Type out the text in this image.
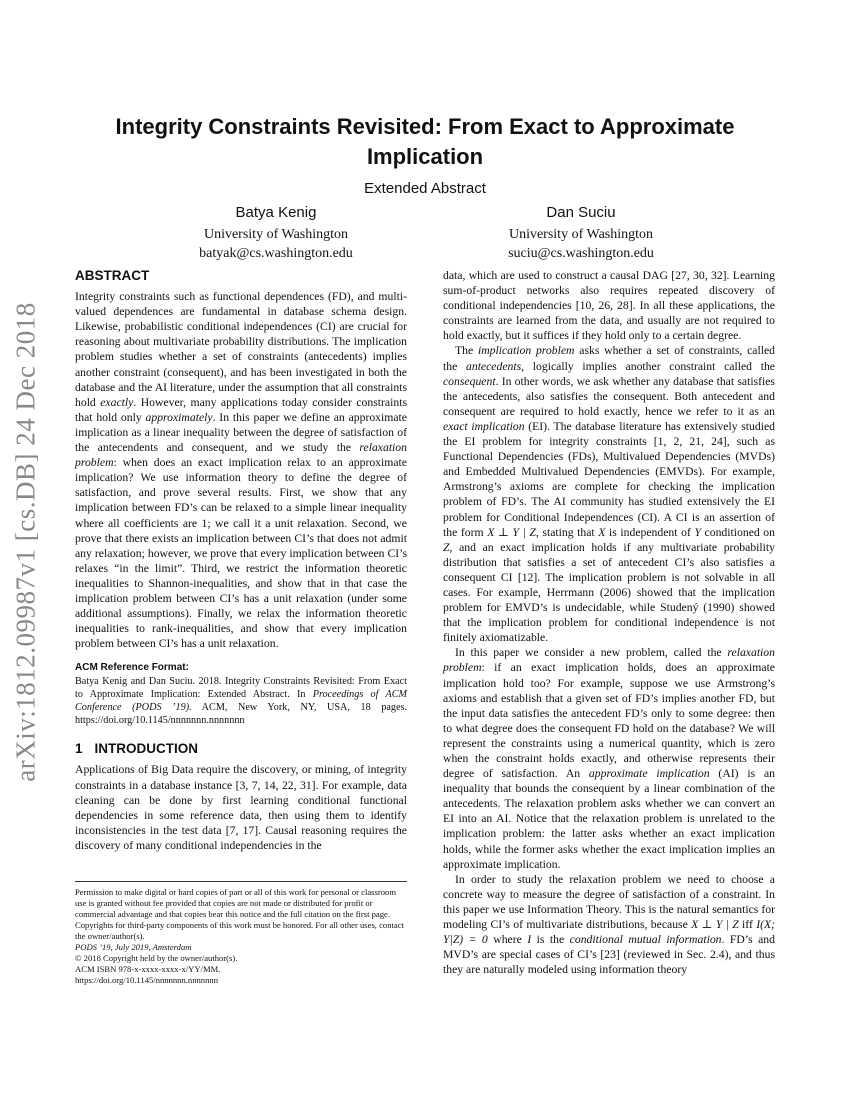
arXiv:1812.09987v1 [cs.DB] 24 Dec 2018
Integrity Constraints Revisited: From Exact to Approximate
Implication
Extended Abstract
Batya Kenig
University of Washington
batyak@cs.washington.edu
Dan Suciu
University of Washington
suciu@cs.washington.edu
ABSTRACT

Integrity constraints such as functional dependences (FD), and multi-valued dependences are fundamental in database schema design. Likewise, probabilistic conditional independences (CI) are crucial for reasoning about multivariate probability distributions. The implication problem studies whether a set of constraints (antecedents) implies another constraint (consequent), and has been investigated in both the database and the AI literature, under the assumption that all constraints hold exactly. However, many applications today consider constraints that hold only approximately. In this paper we define an approximate implication as a linear inequality between the degree of satisfaction of the antecendents and consequent, and we study the relaxation problem: when does an exact implication relax to an approximate implication? We use information theory to define the degree of satisfaction, and prove several results. First, we show that any implication between FD’s can be relaxed to a simple linear inequality where all coefficients are 1; we call it a unit relaxation. Second, we prove that there exists an implication between CI’s that does not admit any relaxation; however, we prove that every implication between CI’s relaxes “in the limit”. Third, we restrict the information theoretic inequalities to Shannon-inequalities, and show that in that case the implication problem between CI’s has a unit relaxation (under some additional assumptions). Finally, we relax the information theoretic inequalities to rank-inequalities, and show that every implication problem between CI’s has a unit relaxation.

ACM Reference Format:
Batya Kenig and Dan Suciu. 2018. Integrity Constraints Revisited: From Exact to Approximate Implication: Extended Abstract. In Proceedings of ACM Conference (PODS ’19). ACM, New York, NY, USA, 18 pages. https://doi.org/10.1145/nnnnnnn.nnnnnnn
1 INTRODUCTION

Applications of Big Data require the discovery, or mining, of integrity constraints in a database instance [3, 7, 14, 22, 31]. For example, data cleaning can be done by first learning conditional functional dependencies in some reference data, then using them to identify inconsistencies in the test data [7, 17]. Causal reasoning requires the discovery of many conditional independencies in the

Permission to make digital or hard copies of part or all of this work for personal or classroom use is granted without fee provided that copies are not made or distributed for profit or commercial advantage and that copies bear this notice and the full citation on the first page. Copyrights for third-party components of this work must be honored. For all other uses, contact the owner/author(s).
PODS ’19, July 2019, Amsterdam
© 2018 Copyright held by the owner/author(s).
ACM ISBN 978-x-xxxx-xxxx-x/YY/MM.
https://doi.org/10.1145/nnnnnnn.nnnnnnn

data, which are used to construct a causal DAG [27, 30, 32]. Learning sum-of-product networks also requires repeated discovery of conditional independencies [10, 26, 28]. In all these applications, the constraints are learned from the data, and usually are not required to hold exactly, but it suffices if they hold only to a certain degree.

The implication problem asks whether a set of constraints, called the antecedents, logically implies another constraint called the consequent. In other words, we ask whether any database that satisfies the antecedents, also satisfies the consequent. Both antecedent and consequent are required to hold exactly, hence we refer to it as an exact implication (EI). The database literature has extensively studied the EI problem for integrity constraints [1, 2, 21, 24], such as Functional Dependencies (FDs), Multivalued Dependencies (MVDs) and Embedded Multivalued Dependencies (EMVDs). For example, Armstrong’s axioms are complete for checking the implication problem of FD’s. The AI community has studied extensively the EI problem for Conditional Independences (CI). A CI is an assertion of the form X ⊥ Y | Z, stating that X is independent of Y conditioned on Z, and an exact implication holds if any multivariate probability distribution that satisfies a set of antecedent CI’s also satisfies a consequent CI [12]. The implication problem is not solvable in all cases. For example, Herrmann (2006) showed that the implication problem for EMVD’s is undecidable, while Studený (1990) showed that the implication problem for conditional independence is not finitely axiomatizable.

In this paper we consider a new problem, called the relaxation problem: if an exact implication holds, does an approximate implication hold too? For example, suppose we use Armstrong’s axioms and establish that a given set of FD’s implies another FD, but the input data satisfies the antecedent FD’s only to some degree: then to what degree does the consequent FD hold on the database? We will represent the constraints using a numerical quantity, which is zero when the constraint holds exactly, and otherwise represents their degree of satisfaction. An approximate implication (AI) is an inequality that bounds the consequent by a linear combination of the antecedents. The relaxation problem asks whether we can convert an EI into an AI. Notice that the relaxation problem is unrelated to the implication problem: the latter asks whether an exact implication holds, while the former asks whether the exact implication implies an approximate implication.

In order to study the relaxation problem we need to choose a concrete way to measure the degree of satisfaction of a constraint. In this paper we use Information Theory. This is the natural semantics for modeling CI’s of multivariate distributions, because X ⊥ Y | Z iff I(X; Y|Z) = 0 where I is the conditional mutual information. FD’s and MVD’s are special cases of CI’s [23] (reviewed in Sec. 2.4), and thus they are naturally modeled using information theory
